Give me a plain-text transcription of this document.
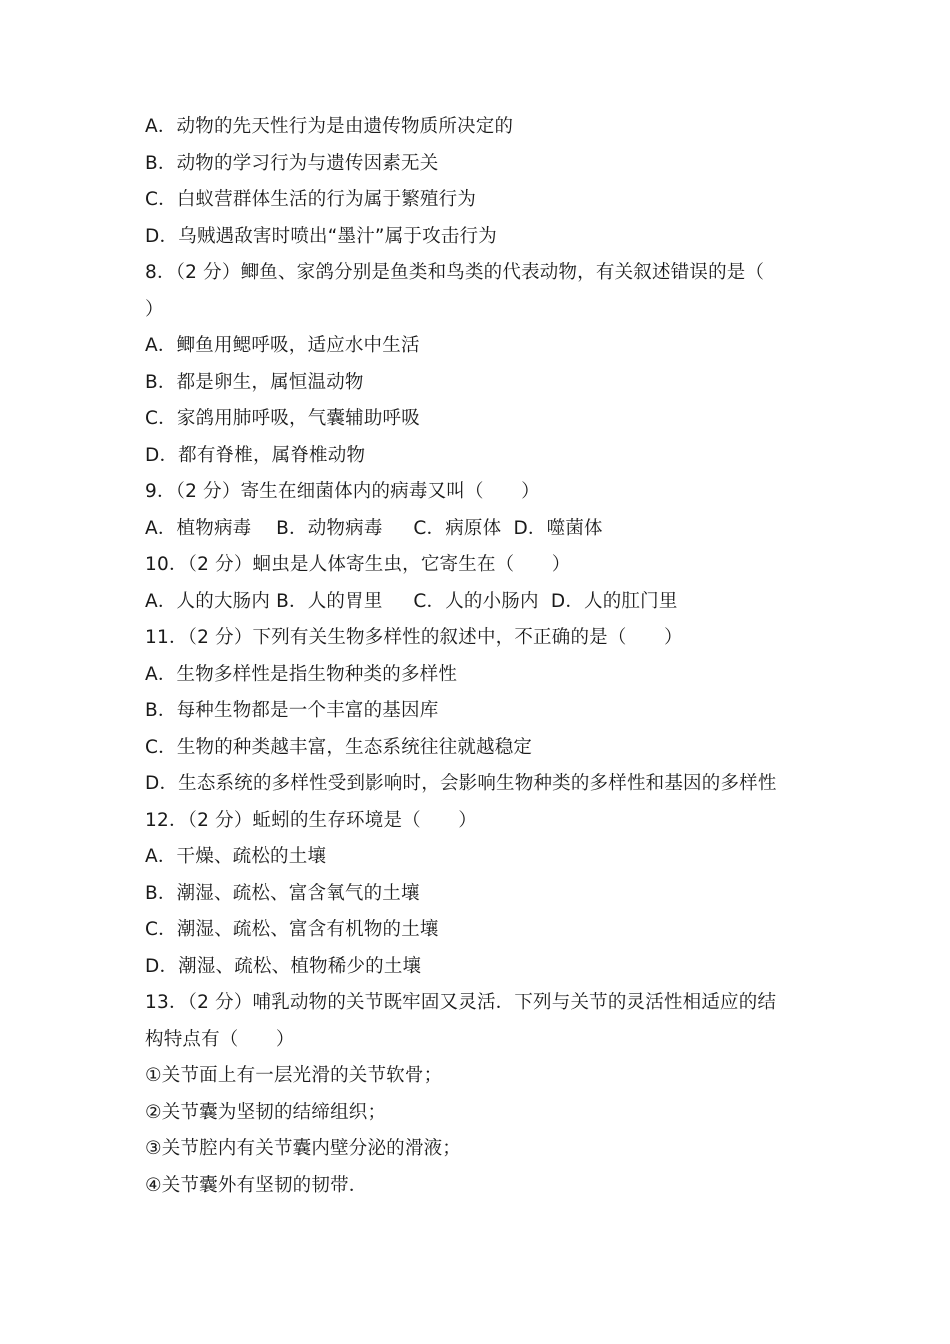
A．动物的先天性行为是由遗传物质所决定的
B．动物的学习行为与遗传因素无关
C．白蚁营群体生活的行为属于繁殖行为
D．乌贼遇敌害时喷出“墨汁”属于攻击行为
8．（2 分）鲫鱼、家鸽分别是鱼类和鸟类的代表动物，有关叙述错误的是（
）
A．鲫鱼用鳃呼吸，适应水中生活
B．都是卵生，属恒温动物
C．家鸽用肺呼吸，气囊辅助呼吸
D．都有脊椎，属脊椎动物
9．（2 分）寄生在细菌体内的病毒又叫（　　）
A．植物病毒　 B．动物病毒　  C．病原体  D．噬菌体
10．（2 分）蛔虫是人体寄生虫，它寄生在（　　）
A．人的大肠内 B．人的胃里　  C．人的小肠内  D．人的肛门里
11．（2 分）下列有关生物多样性的叙述中，不正确的是（　　）
A．生物多样性是指生物种类的多样性
B．每种生物都是一个丰富的基因库
C．生物的种类越丰富，生态系统往往就越稳定
D．生态系统的多样性受到影响时，会影响生物种类的多样性和基因的多样性
12．（2 分）蚯蚓的生存环境是（　　）
A．干燥、疏松的土壤
B．潮湿、疏松、富含氧气的土壤
C．潮湿、疏松、富含有机物的土壤
D．潮湿、疏松、植物稀少的土壤
13．（2 分）哺乳动物的关节既牢固又灵活．下列与关节的灵活性相适应的结
构特点有（　　）
①关节面上有一层光滑的关节软骨；
②关节囊为坚韧的结缔组织；
③关节腔内有关节囊内壁分泌的滑液；
④关节囊外有坚韧的韧带．
